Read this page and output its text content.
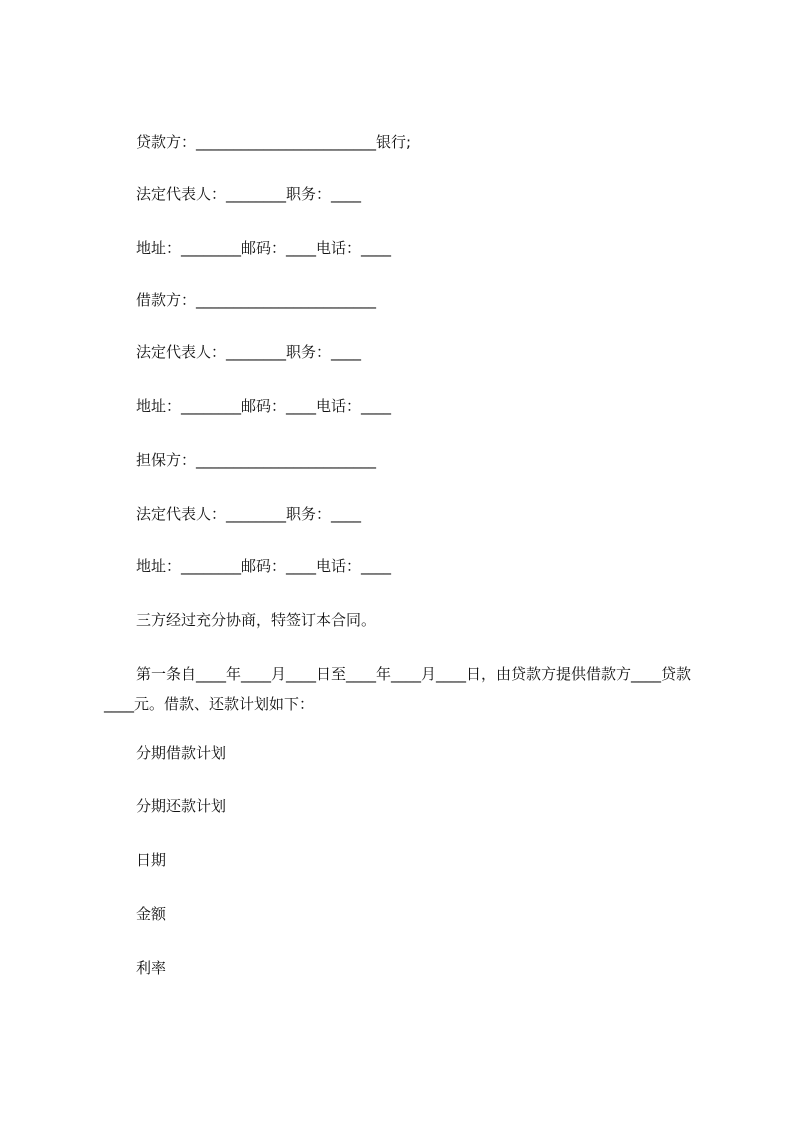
贷款方：________________________银行;
法定代表人：________职务：____
地址：________邮码：____电话：____
借款方：________________________
法定代表人：________职务：____
地址：________邮码：____电话：____
担保方：________________________
法定代表人：________职务：____
地址：________邮码：____电话：____
三方经过充分协商，特签订本合同。
第一条自____年____月____日至____年____月____日，由贷款方提供借款方____贷款____元。借款、还款计划如下：
分期借款计划
分期还款计划
日期
金额
利率
